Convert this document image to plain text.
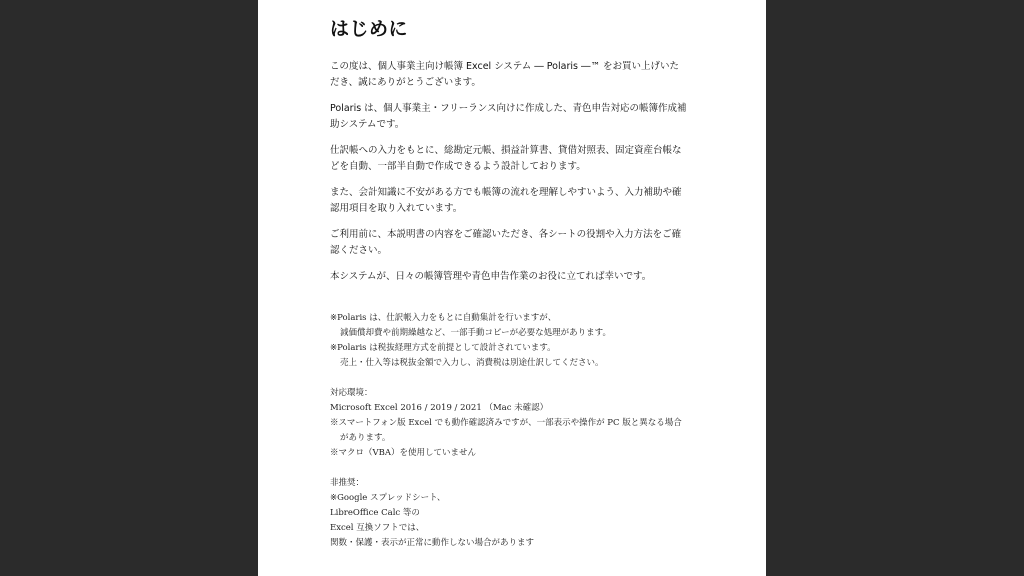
はじめに
この度は、個人事業主向け帳簿 Excel システム ― Polaris ―™ をお買い上げいた
だき、誠にありがとうございます。
Polaris は、個人事業主・フリーランス向けに作成した、青色申告対応の帳簿作成補
助システムです。
仕訳帳への入力をもとに、総勘定元帳、損益計算書、貸借対照表、固定資産台帳な
どを自動、一部半自動で作成できるよう設計しております。
また、会計知識に不安がある方でも帳簿の流れを理解しやすいよう、入力補助や確
認用項目を取り入れています。
ご利用前に、本説明書の内容をご確認いただき、各シートの役割や入力方法をご確
認ください。
本システムが、日々の帳簿管理や青色申告作業のお役に立てれば幸いです。
※Polaris は、仕訳帳入力をもとに自動集計を行いますが、
減価償却費や前期繰越など、一部手動コピーが必要な処理があります。
※Polaris は税抜経理方式を前提として設計されています。
売上・仕入等は税抜金額で入力し、消費税は別途仕訳してください。
対応環境：
Microsoft Excel 2016 / 2019 / 2021 （Mac 未確認）
※スマートフォン版 Excel でも動作確認済みですが、一部表示や操作が PC 版と異なる場合
があります。
※マクロ（VBA）を使用していません
非推奨：
※Google スプレッドシート、
LibreOffice Calc 等の
Excel 互換ソフトでは、
関数・保護・表示が正常に動作しない場合があります
